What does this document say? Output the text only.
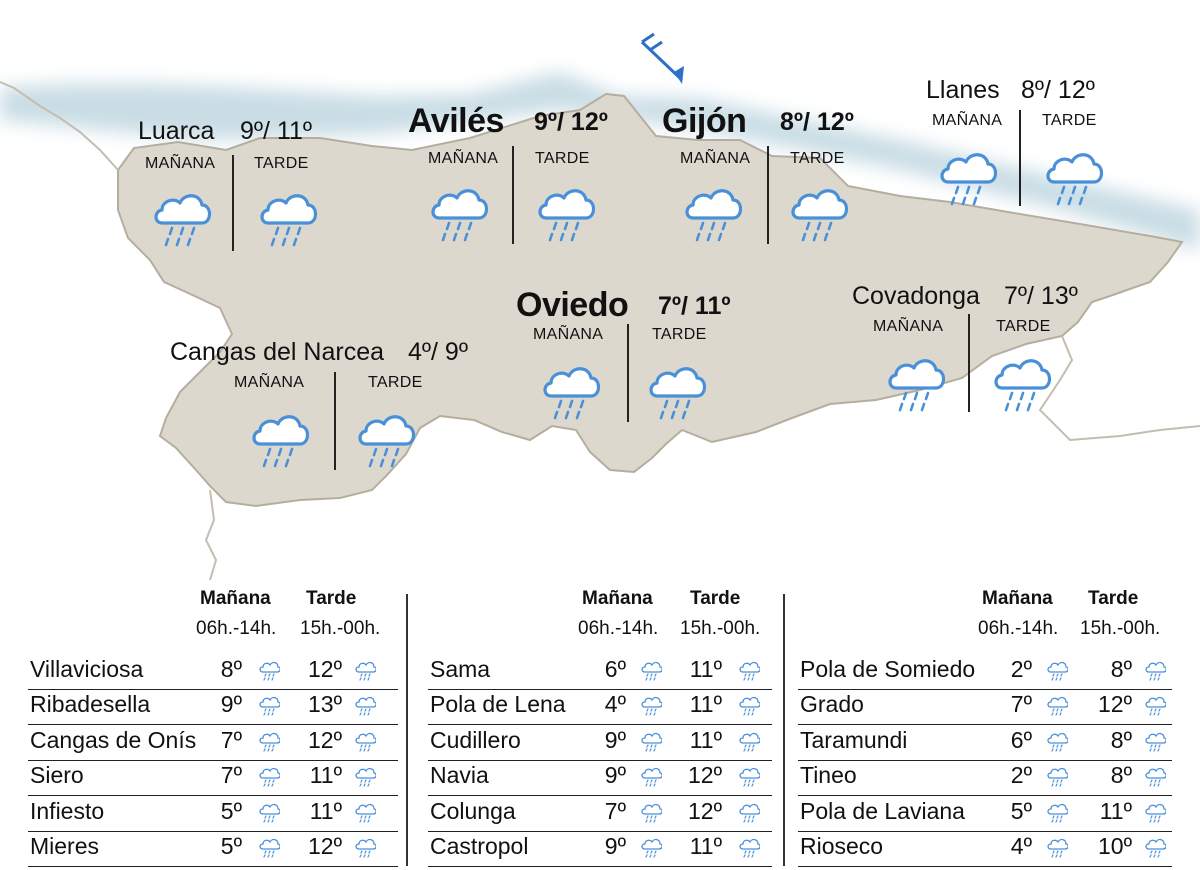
Luarca 9º/ 11º
MAÑANA TARDE
Avilés 9º/ 12º
MAÑANA TARDE
Gijón 8º/ 12º
MAÑANA TARDE
Llanes 8º/ 12º
MAÑANA TARDE
Oviedo 7º/ 11º
MAÑANA	TARDE
Covadonga 7º/ 13º
MAÑANA	TARDE
Cangas del Narcea 4º/ 9º
MAÑANA	TARDE
Mañana Tarde
06h.-14h. 15h.-00h.
Villaviciosa	8º	12º
Ribadesella	9º	13º
Cangas de Onís 7º	12º
Siero	7º	11º
Infiesto	5º	11º
Mieres	5º	12º
Mañana Tarde
06h.-14h. 15h.-00h.
Sama	6º	11º
Pola de Lena 4º	11º
Cudillero	9º	11º
Navia	9º	12º
Colunga	7º	12º
Castropol	9º	11º
Mañana Tarde
06h.-14h. 15h.-00h.
Pola de Somiedo 2º	8º
Grado	7º	12º
Taramundi	6º	8º
Tineo	2º	8º
Pola de Laviana 5º	11º
Rioseco	4º	10º
